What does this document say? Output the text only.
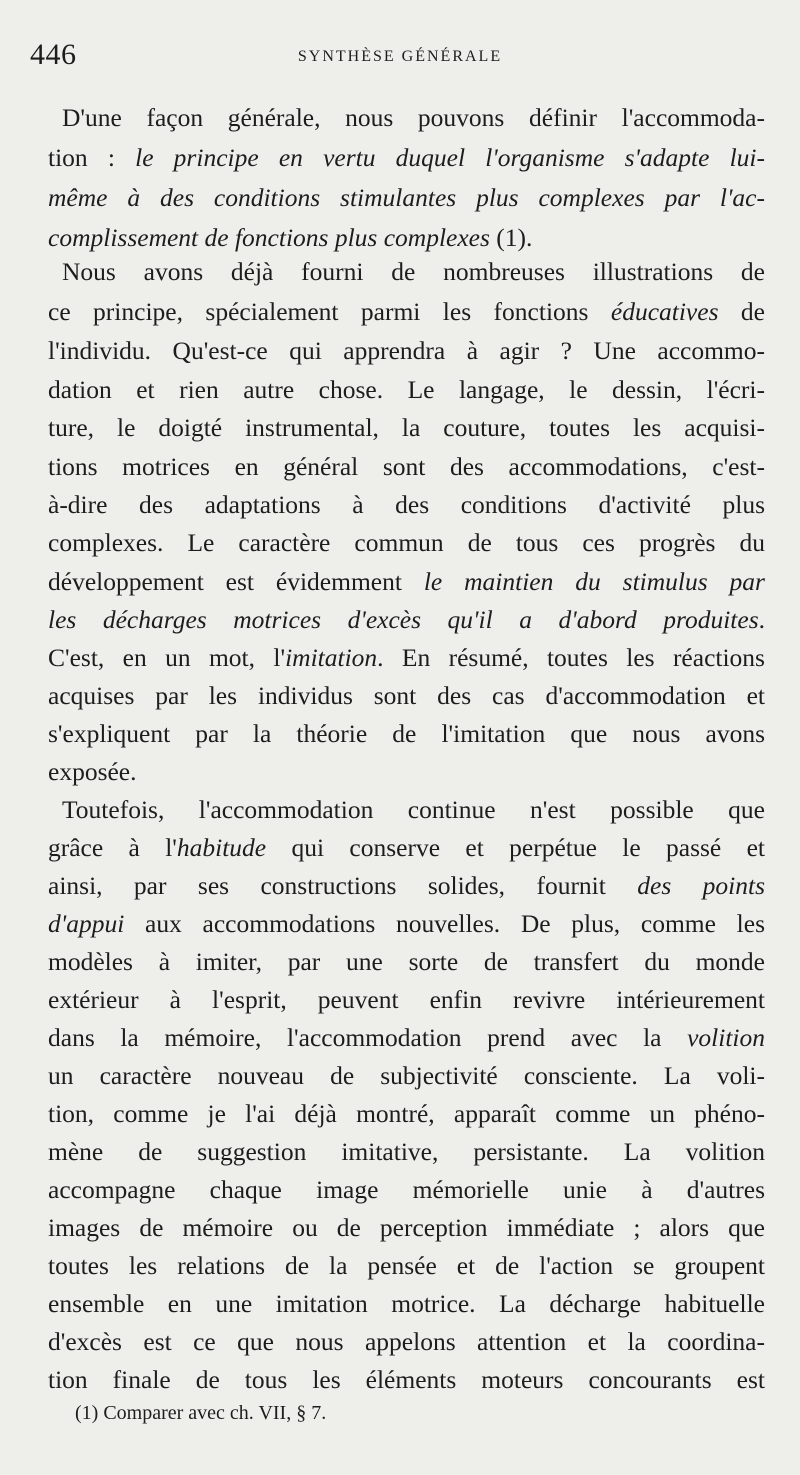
446	SYNTHÈSE GÉNÉRALE
D'une façon générale, nous pouvons définir l'accommoda-
tion : le principe en vertu duquel l'organisme s'adapte lui-
même à des conditions stimulantes plus complexes par l'ac-
complissement de fonctions plus complexes (1).
Nous avons déjà fourni de nombreuses illustrations de
ce principe, spécialement parmi les fonctions éducatives de
l'individu. Qu'est-ce qui apprendra à agir ? Une accommo-
dation et rien autre chose. Le langage, le dessin, l'écri-
ture, le doigté instrumental, la couture, toutes les acquisi-
tions motrices en général sont des accommodations, c'est-
à-dire des adaptations à des conditions d'activité plus
complexes. Le caractère commun de tous ces progrès du
développement est évidemment le maintien du stimulus par
les décharges motrices d'excès qu'il a d'abord produites.
C'est, en un mot, l'imitation. En résumé, toutes les réactions
acquises par les individus sont des cas d'accommodation et
s'expliquent par la théorie de l'imitation que nous avons
exposée.
Toutefois, l'accommodation continue n'est possible que
grâce à l'habitude qui conserve et perpétue le passé et
ainsi, par ses constructions solides, fournit des points
d'appui aux accommodations nouvelles. De plus, comme les
modèles à imiter, par une sorte de transfert du monde
extérieur à l'esprit, peuvent enfin revivre intérieurement
dans la mémoire, l'accommodation prend avec la volition
un caractère nouveau de subjectivité consciente. La voli-
tion, comme je l'ai déjà montré, apparaît comme un phéno-
mène de suggestion imitative, persistante. La volition
accompagne chaque image mémorielle unie à d'autres
images de mémoire ou de perception immédiate ; alors que
toutes les relations de la pensée et de l'action se groupent
ensemble en une imitation motrice. La décharge habituelle
d'excès est ce que nous appelons attention et la coordina-
tion finale de tous les éléments moteurs concourants est
(1) Comparer avec ch. VII, § 7.
